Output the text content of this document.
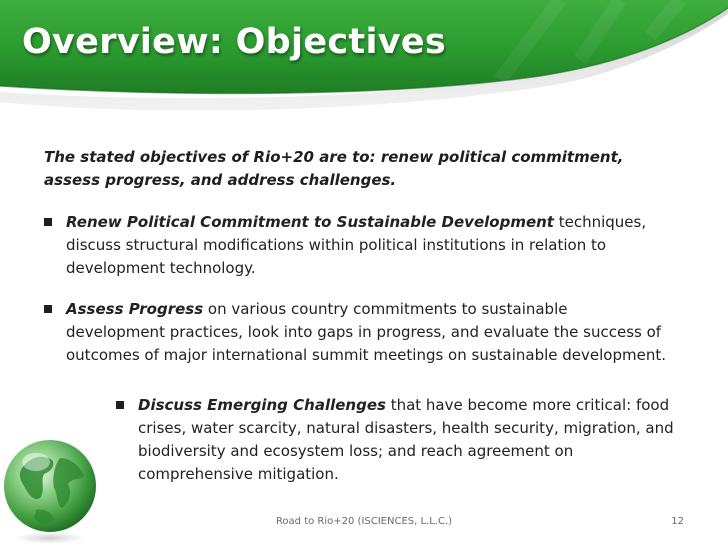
Overview: Objectives

The stated objectives of Rio+20 are to: renew political commitment, assess progress, and address challenges.

Renew Political Commitment to Sustainable Development techniques, discuss structural modifications within political institutions in relation to development technology.

Assess Progress on various country commitments to sustainable development practices, look into gaps in progress, and evaluate the success of outcomes of major international summit meetings on sustainable development.

Discuss Emerging Challenges that have become more critical: food crises, water scarcity, natural disasters, health security, migration, and biodiversity and ecosystem loss; and reach agreement on comprehensive mitigation.

Road to Rio+20 (ISCIENCES, L.L.C.)	12
